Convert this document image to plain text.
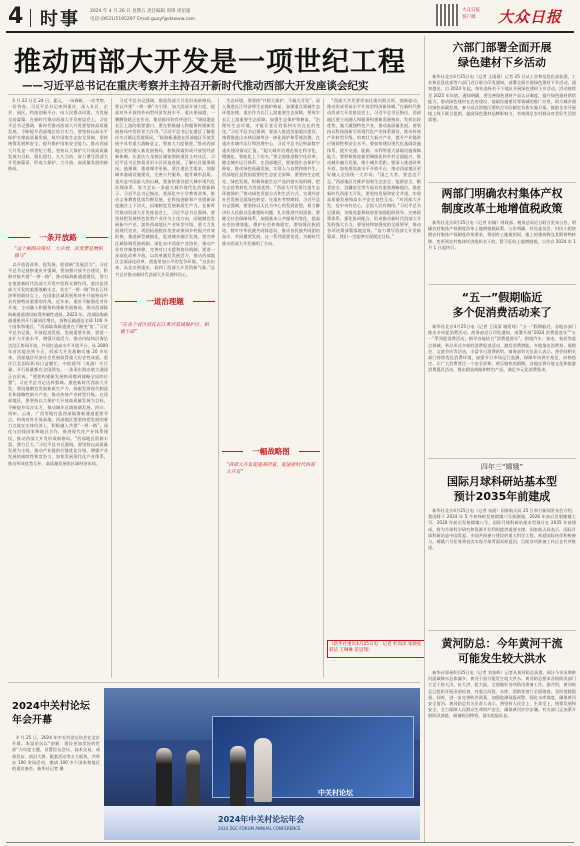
4 时事 2024 年 4 月 26 日 星期五 责任编辑 周锋 周伯量
电话:(0631)5195297 Email:guoyf@dzwww.com
大众日报
客户端	大众日报
推动西部大开发是一项世纪工程
——习近平总书记在重庆考察并主持召开新时代推动西部大开发座谈会纪实
　4 月 22 日至 24 日，素元、一场调研，一次考察，一份答卷。习近平总书记来到重庆，深入社区、企业、园区、科技创新平台，向人民群众问需，为发展全局谋篇。在新时代推动西部大开发座谈会上，习近平总书记强调，新时代推动西部大开发要坚持高质量发展，不断提升西部地区综合实力，要坚持以高水平保护支撑高质量发展，筑牢国家生态安全屏障，坚持统筹发展和安全，提升维护国家安全能力。推动西部大开发是一项世纪工程，坚持以大保护大开放高质量发展为目标，稳扎稳打，久久为功，奋力谱写西部大开发新篇章，形成大保护、大开放、高质量发展的新格局。
一条开放路
“这个解困决策好，大开放，而贵要是展积极马”
　以开放促改革、促发展、促创新“发展活力”。习近平总书记视察重庆并强调，要加强开放平台建设，积极对接共建“一带一路”，推动陆海新通道建设，努力在推进新时代西部大开发中发挥支撑作用。重庆是西部大开发的重要战略支点，处在“一带一路”和长江经济带的联结点上，在国家区域发展和对外开放格局中具有独特而重要的作用。近年来，重庆不断强化对外开放，主动融入和服务构建新发展格局，推动西部陆海新通道建设取得突破性进展。2023 年，西部陆海新通道班列开行量同比增长，货物运输通达全球 100 多个国家和地区。“西部陆海新通道在不断变‘宽’。”习近平总书记说，开放促进发展，发展需要开放，要进一步扩大开放水平，增强开放活力，推动内陆和沿海沿边沿江协同开放，共同打造高水平开放平台。从 2000 年首次提出到今天，西部大开发战略实施 20 多年来，西部地区经济社会发展取得重大历史性成就。重庆江北国际机场日益繁忙，中欧班列（成渝）开行量、开行质量都在全国领先，一条条出海出境大通道正在形成。“要把构建新发展格局摆到战略全局的位置”，习近平总书记这样强调。推进新时代西部大开发，要因地制宜发展新质生产力，探索发展现代制造业和战略性新兴产业，推动传统产业转型升级。在西部地区，要坚持以大保护大开放高质量发展为目标，不断提升综合实力，推动城乡区域协调发展。四川、贵州、云南、广西等地打造西部陆海新通道重要节点，构筑对外开放高地。西部地区要坚持把发展的着力点放在实体经济上，积极融入共建“一带一路”，深化与沿线国家和地区合作，推进现代化产业体系建设，推动西部大开发形成新格局。“西部地区资源丰富、潜力巨大。”习近平总书记强调，要坚持以高质量发展为主线，推动产业链供应链优化升级，增强产业发展的接续性和竞争力，加快发展现代化产业体系，推动形成优势互补、高质量发展的区域经济布局。
　习近平总书记强调，推进西部大开发形成新格局，要以共建“一带一路”为引领，加大西部开放力度，提高对外开放和外向型经济发展水平。重庆果园港，一艘艘货轮正在作业，集装箱吊装有序进行。“果园港是长江上游的重要港口，要在积极融入和服务构建新发展格局中发挥更大作用。”习近平总书记在港区了解重庆多式联运发展情况。“陆海新通道在西部地区开放发展中具有重大战略意义，要加大力度推进。”推动西部地区更好融入新发展格局，积极探索形成开放型经济新体制。在重庆九龙坡区谢家湾街道民主村社区，习近平总书记察看老旧小区改造进展，了解社区服务情况。他强调，推进城市更新，要注重民生需求，加强城市基础设施建设，完善公共服务，提升城市品质。重庆是中国最大的山城，要加快建设超大城市现代化治理体系，努力走出一条超大城市现代化治理新路子。习近平总书记指出，要深化中小学教育改革，推动义务教育优质均衡发展，在科技创新和产业创新深度融合上下功夫，因地制宜发展新质生产力。在新时代推动西部大开发座谈会上，习近平总书记强调，要坚持把发展特色优势产业作为主攻方向，因地制宜发展新兴产业，加快西部地区产业转型升级。要大力发展现代农业，巩固拓展脱贫攻坚成果同乡村振兴有效衔接，推进新型城镇化，促进城乡融合发展。要完善区域协调发展机制，深化东中西部产业协作，推动产业有序梯度转移，完善对口支援和协作机制。要进一步深化改革开放，以改革激发发展活力，推动西部地区全面深化改革，创造更加公平的竞争环境。“这次出来，从北京到重庆，看到了西部大开发的新气象。”总书记对推动新时代西部大开发满怀信心。
一道治理题
“在各个省区依托长江黄河流域保护区，积极下面”
　生态环境，要坚持“共抓大保护、不搞大开发”，深入推进长江经济带生态保护修复，加强重点领域生态环境治理。重庆作为长江上游重要生态屏障，要筑牢长江上游重要生态屏障，加强生态保护和修复。“治理好生态环境，才能让老百姓看到实实在在的变化。”习近平总书记强调，要深入推进美丽重庆建设，统筹推进山水林田湖草沙一体化保护和系统治理。在重庆市城市运行和治理中心，习近平总书记听取数字重庆建设情况汇报。“超大城市治理必须在科学化、精细化、智能化上下功夫。”要全面推进数字化改革，健全城市运行体系。在西部地区，要加强生态保护与修复，推动绿色低碳发展，实现人与自然和谐共生。西部地区是我国重要的生态安全屏障，要坚持生态优先、绿色发展，积极探索生态产品价值实现机制，把生态优势转化为发展优势。“西部大开发要注重生态环境保护。”推动绿色发展方式和生活方式，实现经济社会发展全面绿色转型。在重庆考察期间，习近平总书记强调，要坚持以人民为中心的发展思想，着力解决好人民群众急难愁盼问题，扎实推进共同富裕。要健全社会保障体系，加强基本公共服务均等化，提高社会治理效能，维护社会和谐稳定。要加强民族团结，铸牢中华民族共同体意识，推动各民族共同团结奋斗、共同繁荣发展。这一系列重要论述，为新时代推动西部大开发指明了方向。
一幅战略图
“西部大开发促进高质量，促进新时代西部大开发”
　“西部大开发要更加注重内需引领、创新驱动，推动形成更高水平开放型经济新体制。”在新时代推动西部大开发座谈会上，习近平总书记指出，西部地区要主动融入和服务构建新发展格局，发挥比较优势，做大做强特色产业，推动高质量发展。要坚持以科技创新引领现代化产业体系建设，推动传统产业转型升级，培育壮大新兴产业，提升产业链供应链韧性和安全水平。要加快建设现代化基础设施体系，提升交通、能源、水利等重大基础设施保障能力。要积极推进新型城镇化和乡村全面振兴，推动城乡融合发展，缩小城乡差距。要深入推进改革开放，加快建设高水平开放平台，推动西部地区更好融入全国统一大市场。“国之大者，要念念不忘。”西部地区在维护国家生态安全、能源安全、粮食安全、边疆安全等方面具有重要战略地位。推进新时代西部大开发，要坚持发展和安全并重，实现高质量发展和高水平安全良性互动。“对西部大开发，党中央有信心，全国人民有期待。”习近平总书记强调，各级党委和政府要加强组织领导，完善政策体系，强化协同配合，形成推动新时代西部大开发的强大合力。要坚持和加强党的全面领导，推动各项决策部署落地见效。“奋力谱写西部大开发新篇章，我们一定能够实现既定目标。”
（新华社重庆4月25日电　记者 杜尚泽 张晓松 韩洁 王琳琳 范思翔）
2024中关村论坛
年会开幕
　4 月 25 日，2024 年中关村论坛年会在北京开幕。本届论坛以“创新：建设更加美好的世界”为年度主题，设置论坛会议、技术交易、成果发布、前沿大赛、配套活动等五大板块，共举办 100 余场活动，邀请 100 多个国家和地区的嘉宾参会。新华社记者 摄
中关村论坛
2024年中关村论坛年会
2024 ZGC FORUM ANNUAL CONFERENCE
六部门部署全面开展
绿色建材下乡活动
　新华社北京4月25日电（记者 王雨萧）记者 25 日从工业和信息化部获悉，工业和信息化部等六部门近日联合印发通知，部署全面开展绿色建材下乡活动。通知提出，自 2024 年起，每年选择若干个地区开展绿色建材下乡活动，活动持续至 2025 年年底。通知明确，要完善绿色建材产品认证制度，提升绿色建材供给能力，推动绿色建材在农房建设、基础设施建设等领域的推广应用，助力城乡建设绿色低碳发展。参与试点的地区要结合实际制定具体实施方案，鼓励企业开展线上线下联合促销，提高绿色建材品牌影响力，有效满足农村群众对美好生活的需要。
两部门明确农村集体产权
制度改革土地增值税政策
　新华社北京4月25日电（记者 申铖）财政部、税务总局近日联合发布公告，明确农村集体产权制度改革土地增值税政策。公告明确，村民委员会、村民小组按照农村集体产权制度改革要求，将国有土地使用权、地上的建筑物及其附着物转移、变更到农村集体经济组织名下的，暂不征收土地增值税。公告自 2024 年 1 月 1 日起执行。
“五一”假期临近
多个促消费活动来了
　新华社北京4月25日电（记者 王雨萧 谢希瑶）“五一”假期临近，各地各部门推出多项促消费活动。商务部近日印发通知，部署开展“2024 消费促进年”“五一”系列促消费活动，指导各地结合“消费促进年”，围绕汽车、家电、家居等重点领域，举办形式多样的消费促进活动，激发消费潜能。多地推出消费券、展销会、文旅节庆等活动，丰富节日消费供给。商务部有关负责人表示，将会同相关部门持续优化消费环境，加强节日市场运行监测，保障市场供应充足、价格稳定，让广大消费者过一个安全祥和、欢乐愉快的假期。各地还将开展文化和旅游消费惠民活动，推出精品线路和特色产品，满足多元化消费需求。
四年三“嫦娥”
国际月球科研站基本型
预计2035年前建成
　新华社北京4月25日电（记者 宋晨）国家航天局 25 日举行新闻发布会介绍，我国将于 2024 年 5 月初择机发射嫦娥六号探测器，2026 年前后发射嫦娥七号，2028 年前后发射嫦娥八号。国际月球科研站基本型预计在 2035 年前建成，将为月球科学研究和资源开发利用提供重要支撑。国家航天局表示，国际月球科研站是中国发起、多国共同参与建设的重大科学工程，欢迎国际伙伴积极参与。嫦娥六号任务将首次实现月球背面采样返回，目前各项准备工作正在有序推进。
黄河防总：今年黄河干流
可能发生较大洪水
　新华社郑州4月25日电（记者 刘金辉）记者从黄河防总获悉，预计今年汛期黄河流域降水总体偏多，黄河干流可能发生较大洪水。黄河防总要求各级防汛部门立足于防大汛、抗大洪、抢大险，全面做好各项防汛准备工作。据介绍，黄河防总已组织开展汛前检查，对重点河段、水库、堤防等进行全面排查，及时消除隐患。同时，进一步完善防洪预案，加强监测预报预警，强化水库调度，确保黄河安全度汛。黄河防总有关负责人表示，将坚持人民至上、生命至上，统筹发展和安全，全力保障人民群众生命财产安全，确保黄河岁岁安澜。有关部门正加紧开展防汛演练，储备防汛物资，落实抢险队伍。
